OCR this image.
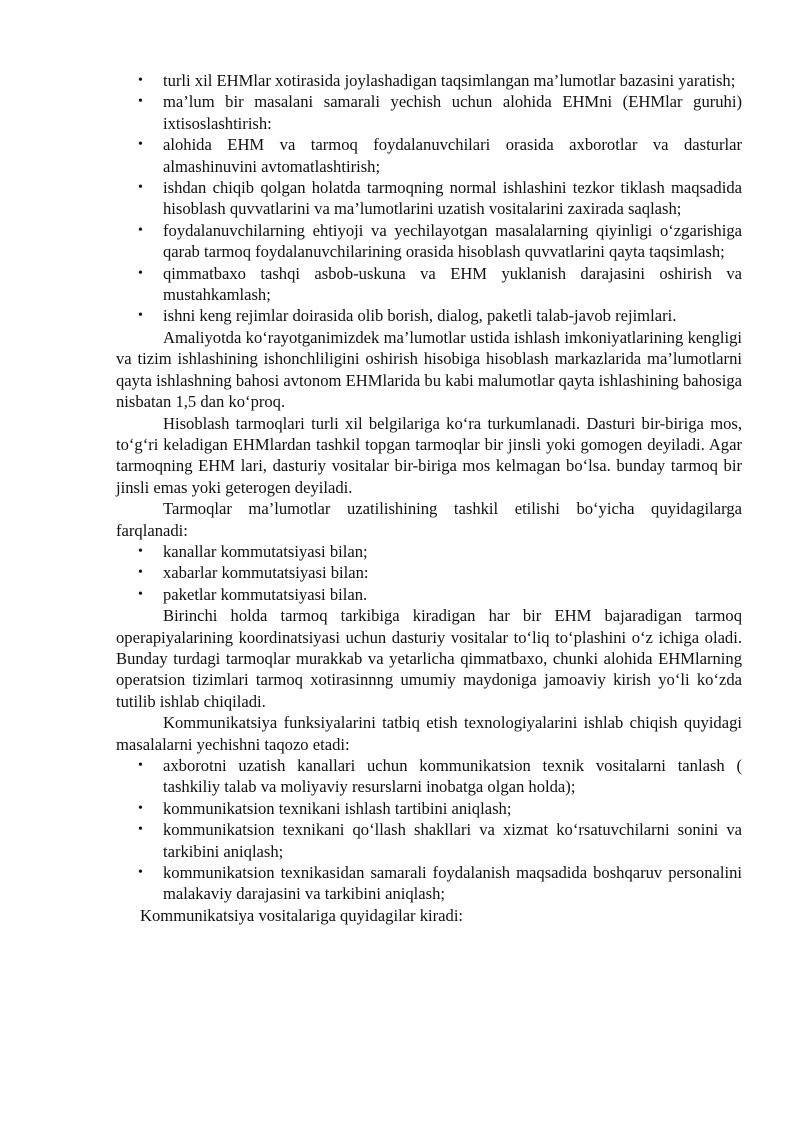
•	turli xil EHMlar xotirasida joylashadigan taqsimlangan ma’lumotlar bazasini yaratish;
•	ma’lum bir masalani samarali yechish uchun alohida EHMni (EHMlar guruhi) ixtisoslashtirish:
•	alohida EHM va tarmoq foydalanuvchilari orasida axborotlar va dasturlar almashinuvini avtomatlashtirish;
•	ishdan chiqib qolgan holatda tarmoqning normal ishlashini tezkor tiklash maqsadida hisoblash quvvatlarini va ma’lumotlarini uzatish vositalarini zaxirada saqlash;
•	foydalanuvchilarning ehtiyoji va yechilayotgan masalalarning qiyinligi o‘zgarishiga qarab tarmoq foydalanuvchilarining orasida hisoblash quvvatlarini qayta taqsimlash;
•	qimmatbaxo tashqi asbob-uskuna va EHM yuklanish darajasini oshirish va mustahkamlash;
•	ishni keng rejimlar doirasida olib borish, dialog, paketli talab-javob rejimlari.

Amaliyotda ko‘rayotganimizdek ma’lumotlar ustida ishlash imkoniyatlarining kengligi va tizim ishlashining ishonchliligini oshirish hisobiga hisoblash markazlarida ma’lumotlarni qayta ishlashning bahosi avtonom EHMlarida bu kabi malumotlar qayta ishlashining bahosiga nisbatan 1,5 dan ko‘proq.

Hisoblash tarmoqlari turli xil belgilariga ko‘ra turkumlanadi. Dasturi bir-biriga mos, to‘g‘ri keladigan EHMlardan tashkil topgan tarmoqlar bir jinsli yoki gomogen deyiladi. Agar tarmoqning EHM lari, dasturiy vositalar bir-biriga mos kelmagan bo‘lsa. bunday tarmoq bir jinsli emas yoki geterogen deyiladi.

Tarmoqlar ma’lumotlar uzatilishining tashkil etilishi bo‘yicha quyidagilarga farqlanadi:

•	kanallar kommutatsiyasi bilan;
•	xabarlar kommutatsiyasi bilan:
•	paketlar kommutatsiyasi bilan.

Birinchi holda tarmoq tarkibiga kiradigan har bir EHM bajaradigan tarmoq operapiyalarining koordinatsiyasi uchun dasturiy vositalar to‘liq to‘plashini o‘z ichiga oladi. Bunday turdagi tarmoqlar murakkab va yetarlicha qimmatbaxo, chunki alohida EHMlarning operatsion tizimlari tarmoq xotirasinnng umumiy maydoniga jamoaviy kirish yo‘li ko‘zda tutilib ishlab chiqiladi.

Kommunikatsiya funksiyalarini tatbiq etish texnologiyalarini ishlab chiqish quyidagi masalalarni yechishni taqozo etadi:

•	axborotni uzatish kanallari uchun kommunikatsion texnik vositalarni tanlash ( tashkiliy talab va moliyaviy resurslarni inobatga olgan holda);
•	kommunikatsion texnikani ishlash tartibini aniqlash;
•	kommunikatsion texnikani qo‘llash shakllari va xizmat ko‘rsatuvchilarni sonini va tarkibini aniqlash;
•	kommunikatsion texnikasidan samarali foydalanish maqsadida boshqaruv personalini malakaviy darajasini va tarkibini aniqlash;

Kommunikatsiya vositalariga quyidagilar kiradi:
